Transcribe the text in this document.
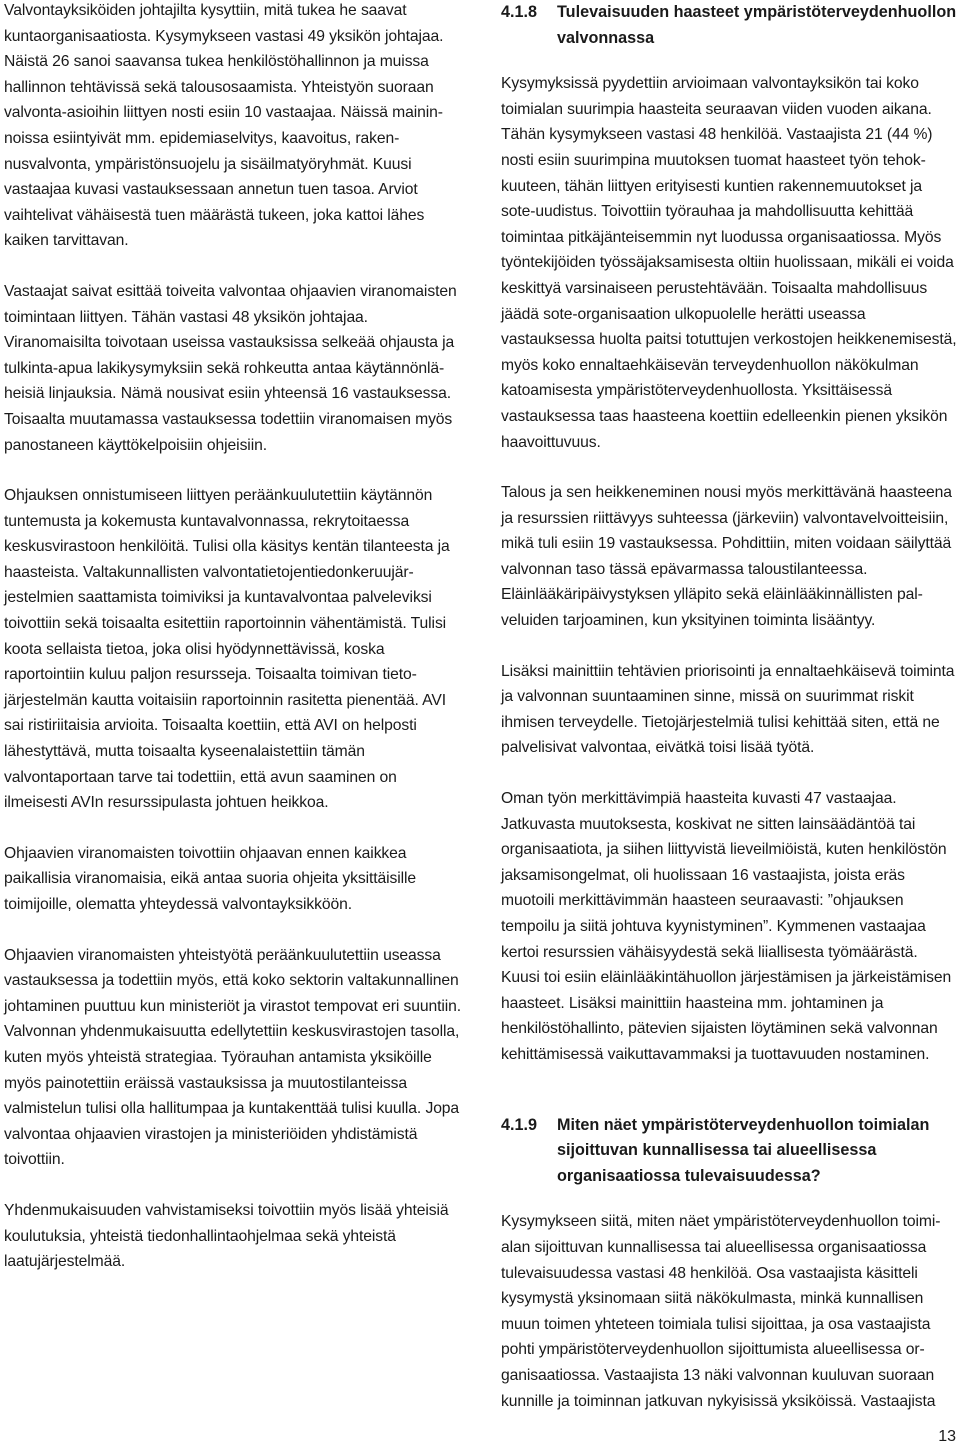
Valvontayksiköiden johtajilta kysyttiin, mitä tukea he saavat kuntaorganisaatiosta. Kysymykseen vastasi 49 yksikön johtajaa. Näistä 26 sanoi saavansa tukea henkilöstöhallinnon ja muissa hallinnon tehtävissä sekä talousosaamista. Yhteistyön suoraan valvonta-asioihin liittyen nosti esiin 10 vastaajaa. Näissä maininnoissa esiintyivät mm. epidemiaselvitys, kaavoitus, rakennusvalvonta, ympäristönsuojelu ja sisäilmatyöryhmät. Kuusi vastaajaa kuvasi vastauksessaan annetun tuen tasoa. Arviot vaihtelivat vähäisestä tuen määrästä tukeen, joka kattoi lähes kaiken tarvittavan.

Vastaajat saivat esittää toiveita valvontaa ohjaavien viranomaisten toimintaan liittyen. Tähän vastasi 48 yksikön johtajaa. Viranomaisilta toivotaan useissa vastauksissa selkeää ohjausta ja tulkinta-apua lakikysymyksiin sekä rohkeutta antaa käytännönläheisiä linjauksia. Nämä nousivat esiin yhteensä 16 vastauksessa. Toisaalta muutamassa vastauksessa todettiin viranomaisen myös panostaneen käyttökelpoisiin ohjeisiin.

Ohjauksen onnistumiseen liittyen peräänkuulutettiin käytännön tuntemusta ja kokemusta kuntavalvonnassa, rekrytoitaessa keskusvirastoon henkilöitä. Tulisi olla käsitys kentän tilanteesta ja haasteista. Valtakunnallisten valvontatietojentiedonkeruujärjestelmien saattamista toimiviksi ja kuntavalvontaa palveleviksi toivottiin sekä toisaalta esitettiin raportoinnin vähentämistä. Tulisi koota sellaista tietoa, joka olisi hyödynnettävissä, koska raportointiin kuluu paljon resursseja. Toisaalta toimivan tietojärjestelmän kautta voitaisiin raportoinnin rasitetta pienentää. AVI sai ristiriitaisia arvioita. Toisaalta koettiin, että AVI on helposti lähestyttävä, mutta toisaalta kyseenalaistettiin tämän valvontaportaan tarve tai todettiin, että avun saaminen on ilmeisesti AVIn resurssipulasta johtuen heikkoa.

Ohjaavien viranomaisten toivottiin ohjaavan ennen kaikkea paikallisia viranomaisia, eikä antaa suoria ohjeita yksittäisille toimijoille, olematta yhteydessä valvontayksikköön.

Ohjaavien viranomaisten yhteistyötä peräänkuulutettiin useassa vastauksessa ja todettiin myös, että koko sektorin valtakunnallinen johtaminen puuttuu kun ministeriöt ja virastot tempovat eri suuntiin. Valvonnan yhdenmukaisuutta edellytettiin keskusvirastojen tasolla, kuten myös yhteistä strategiaa. Työrauhan antamista yksiköille myös painotettiin eräissä vastauksissa ja muutostilanteissa valmistelun tulisi olla hallitumpaa ja kuntakenttää tulisi kuulla. Jopa valvontaa ohjaavien virastojen ja ministeriöiden yhdistämistä toivottiin.

Yhdenmukaisuuden vahvistamiseksi toivottiin myös lisää yhteisiä koulutuksia, yhteistä tiedonhallintaohjelmaa sekä yhteistä laatujärjestelmää.

4.1.8	Tulevaisuuden haasteet ympäristöterveydenhuollon valvonnassa

Kysymyksissä pyydettiin arvioimaan valvontayksikön tai koko toimialan suurimpia haasteita seuraavan viiden vuoden aikana. Tähän kysymykseen vastasi 48 henkilöä. Vastaajista 21 (44 %) nosti esiin suurimpina muutoksen tuomat haasteet työn tehokkuuteen, tähän liittyen erityisesti kuntien rakennemuutokset ja sote-uudistus. Toivottiin työrauhaa ja mahdollisuutta kehittää toimintaa pitkäjänteisemmin nyt luodussa organisaatiossa. Myös työntekijöiden työssäjaksamisesta oltiin huolissaan, mikäli ei voida keskittyä varsinaiseen perustehtävään. Toisaalta mahdollisuus jäädä sote-organisaation ulkopuolelle herätti useassa vastauksessa huolta paitsi totuttujen verkostojen heikkenemisestä, myös koko ennaltaehkäisevän terveydenhuollon näkökulman katoamisesta ympäristöterveydenhuollosta. Yksittäisessä vastauksessa taas haasteena koettiin edelleenkin pienen yksikön haavoittuvuus.

Talous ja sen heikkeneminen nousi myös merkittävänä haasteena ja resurssien riittävyys suhteessa (järkeviin) valvontavelvoitteisiin, mikä tuli esiin 19 vastauksessa. Pohdittiin, miten voidaan säilyttää valvonnan taso tässä epävarmassa taloustilanteessa. Eläinlääkäripäivystyksen ylläpito sekä eläinlääkinnällisten palveluiden tarjoaminen, kun yksityinen toiminta lisääntyy.

Lisäksi mainittiin tehtävien priorisointi ja ennaltaehkäisevä toiminta ja valvonnan suuntaaminen sinne, missä on suurimmat riskit ihmisen terveydelle. Tietojärjestelmiä tulisi kehittää siten, että ne palvelisivat valvontaa, eivätkä toisi lisää työtä.

Oman työn merkittävimpiä haasteita kuvasti 47 vastaajaa. Jatkuvasta muutoksesta, koskivat ne sitten lainsäädäntöä tai organisaatiota, ja siihen liittyvistä lieveilmiöistä, kuten henkilöstön jaksamisongelmat, oli huolissaan 16 vastaajista, joista eräs muotoili merkittävimmän haasteen seuraavasti: ”ohjauksen tempoilu ja siitä johtuva kyynistyminen”. Kymmenen vastaajaa kertoi resurssien vähäisyydestä sekä liiallisesta työmäärästä. Kuusi toi esiin eläinlääkintähuollon järjestämisen ja järkeistämisen haasteet. Lisäksi mainittiin haasteina mm. johtaminen ja henkilöstöhallinto, pätevien sijaisten löytäminen sekä valvonnan kehittämisessä vaikuttavammaksi ja tuottavuuden nostaminen.

4.1.9	Miten näet ympäristöterveydenhuollon toimialan sijoittuvan kunnallisessa tai alueellisessa organisaatiossa tulevaisuudessa?

Kysymykseen siitä, miten näet ympäristöterveydenhuollon toimialan sijoittuvan kunnallisessa tai alueellisessa organisaatiossa tulevaisuudessa vastasi 48 henkilöä. Osa vastaajista käsitteli kysymystä yksinomaan siitä näkökulmasta, minkä kunnallisen muun toimen yhteteen toimiala tulisi sijoittaa, ja osa vastaajista pohti ympäristöterveydenhuollon sijoittumista alueellisessa organisaatiossa. Vastaajista 13 näki valvonnan kuuluvan suoraan kunnille ja toiminnan jatkuvan nykyisissä yksiköissä. Vastaajista

13
